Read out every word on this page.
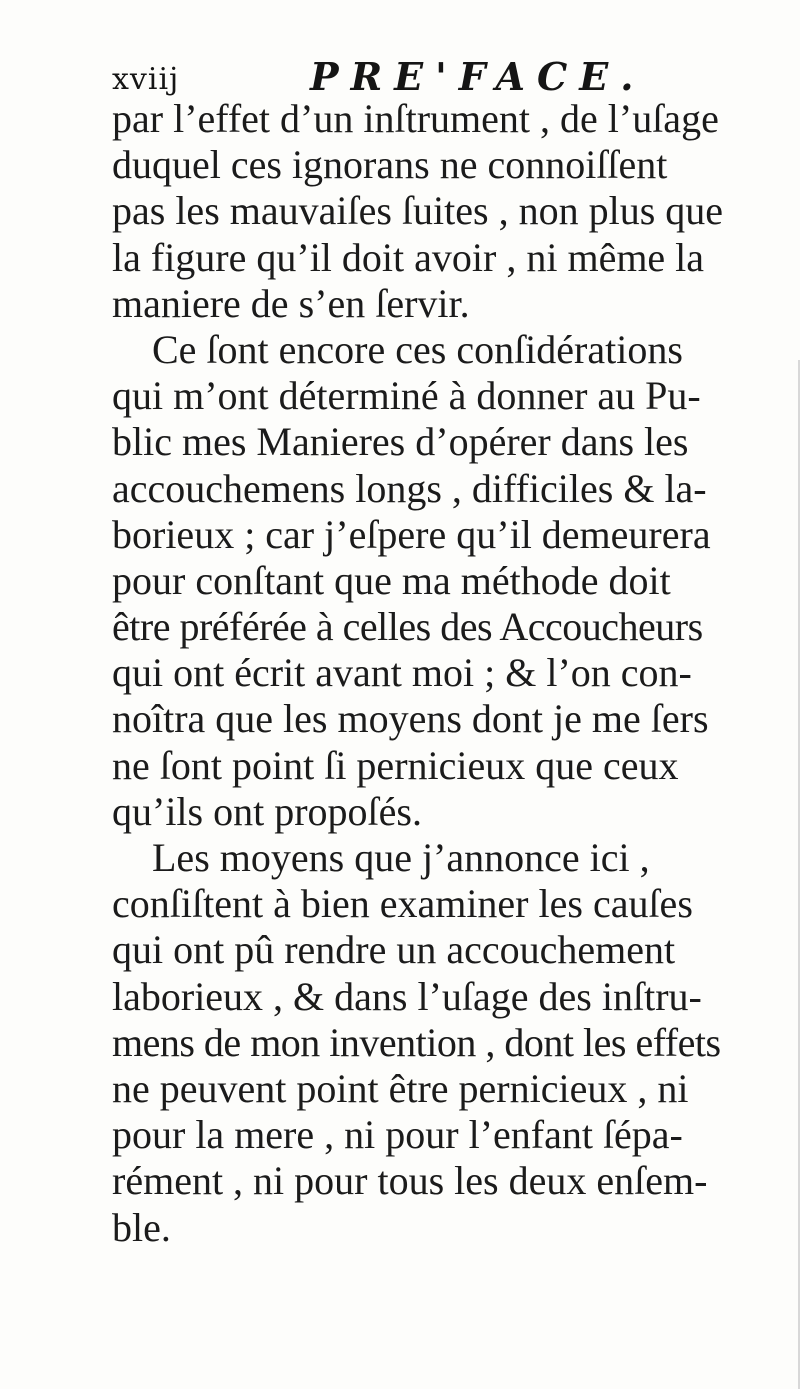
xviij	PRE'FACE.
par l’effet d’un inſtrument , de l’uſage
duquel ces ignorans ne connoiſſent
pas les mauvaiſes ſuites , non plus que
la figure qu’il doit avoir , ni même la
maniere de s’en ſervir.
Ce ſont encore ces conſidérations
qui m’ont déterminé à donner au Pu-
blic mes Manieres d’opérer dans les
accouchemens longs , difficiles & la-
borieux ; car j’eſpere qu’il demeurera
pour conſtant que ma méthode doit
être préférée à celles des Accoucheurs
qui ont écrit avant moi ; & l’on con-
noîtra que les moyens dont je me ſers
ne ſont point ſi pernicieux que ceux
qu’ils ont propoſés.
Les moyens que j’annonce ici ,
conſiſtent à bien examiner les cauſes
qui ont pû rendre un accouchement
laborieux , & dans l’uſage des inſtru-
mens de mon invention , dont les effets
ne peuvent point être pernicieux , ni
pour la mere , ni pour l’enfant ſépa-
rément , ni pour tous les deux enſem-
ble.
